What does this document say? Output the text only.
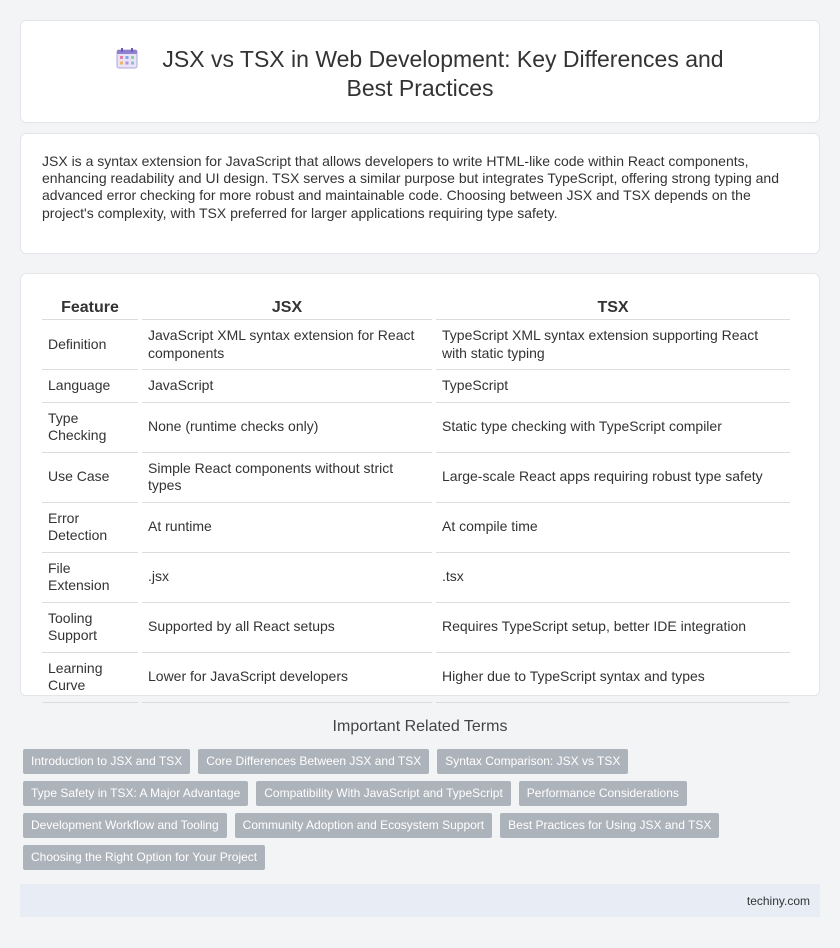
JSX vs TSX in Web Development: Key Differences and Best Practices

JSX is a syntax extension for JavaScript that allows developers to write HTML-like code within React components, enhancing readability and UI design. TSX serves a similar purpose but integrates TypeScript, offering strong typing and advanced error checking for more robust and maintainable code. Choosing between JSX and TSX depends on the project's complexity, with TSX preferred for larger applications requiring type safety.

Feature	JSX	TSX
Definition	JavaScript XML syntax extension for React components	TypeScript XML syntax extension supporting React with static typing
Language	JavaScript	TypeScript
Type Checking	None (runtime checks only)	Static type checking with TypeScript compiler
Use Case	Simple React components without strict types	Large-scale React apps requiring robust type safety
Error Detection	At runtime	At compile time
File Extension	.jsx	.tsx
Tooling Support	Supported by all React setups	Requires TypeScript setup, better IDE integration
Learning Curve	Lower for JavaScript developers	Higher due to TypeScript syntax and types
Important Related Terms
Introduction to JSX and TSX	Core Differences Between JSX and TSX	Syntax Comparison: JSX vs TSX
Type Safety in TSX: A Major Advantage	Compatibility With JavaScript and TypeScript	Performance Considerations
Development Workflow and Tooling	Community Adoption and Ecosystem Support	Best Practices for Using JSX and TSX
Choosing the Right Option for Your Project
techiny.com
